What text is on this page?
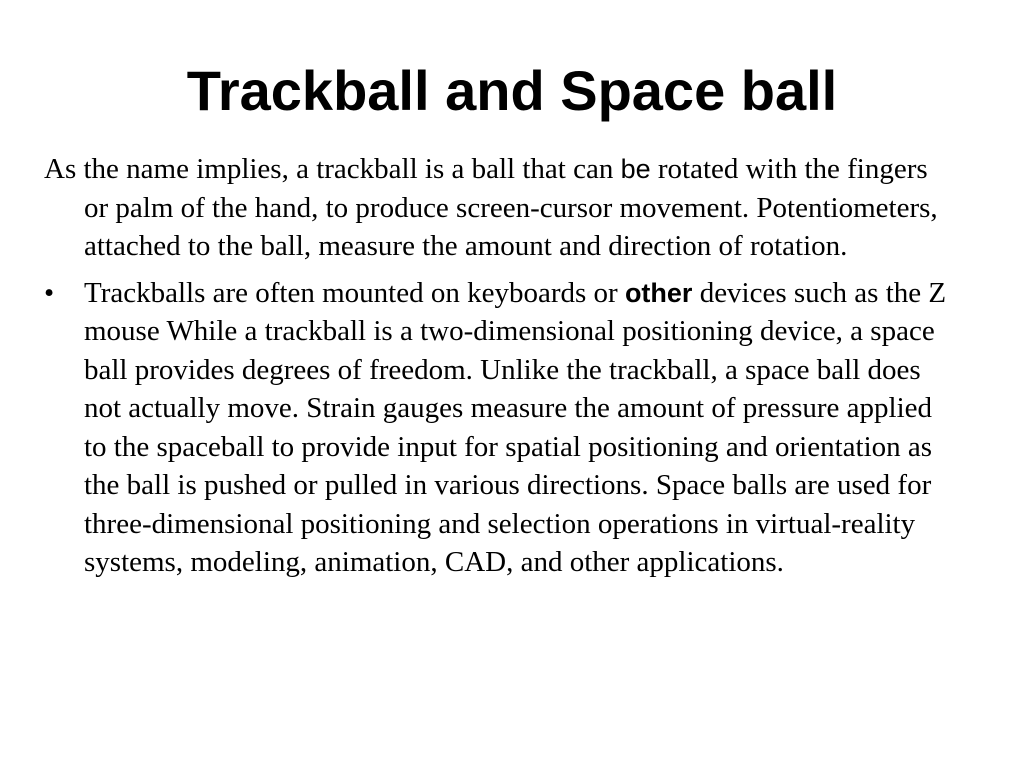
Trackball and Space ball

As the name implies, a trackball is a ball that can be rotated with the fingers or palm of the hand, to produce screen-cursor movement. Potentiometers, attached to the ball, measure the amount and direction of rotation.

• Trackballs are often mounted on keyboards or other devices such as the Z mouse While a trackball is a two-dimensional positioning device, a space ball provides degrees of freedom. Unlike the trackball, a space ball does not actually move. Strain gauges measure the amount of pressure applied to the spaceball to provide input for spatial positioning and orientation as the ball is pushed or pulled in various directions. Space balls are used for three-dimensional positioning and selection operations in virtual-reality systems, modeling, animation, CAD, and other applications.
